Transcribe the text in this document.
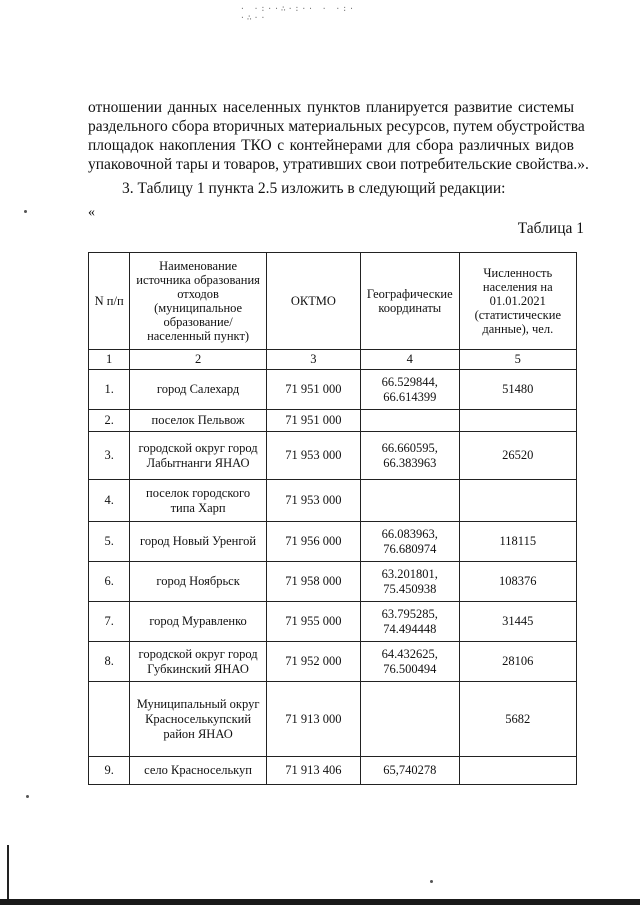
· ·:··∴·:·· · ·:· ·∴··
отношении данных населенных пунктов планируется развитие системы
раздельного сбора вторичных материальных ресурсов, путем обустройства
площадок накопления ТКО с контейнерами для сбора различных видов
упаковочной тары и товаров, утративших свои потребительские свойства.».
3. Таблицу 1 пункта 2.5 изложить в следующий редакции:
«
Таблица 1
N п/п	Наименование источника образования отходов (муниципальное образование/населенный пункт)	ОКТМО	Географические координаты	Численность населения на 01.01.2021 (статистические данные), чел.
1	2	3	4	5
1.	город Салехард	71 951 000	66.529844, 66.614399	51480
2.	поселок Пельвож	71 951 000		
3.	городской округ город Лабытнанги ЯНАО	71 953 000	66.660595, 66.383963	26520
4.	поселок городского типа Харп	71 953 000		
5.	город Новый Уренгой	71 956 000	66.083963, 76.680974	118115
6.	город Ноябрьск	71 958 000	63.201801, 75.450938	108376
7.	город Муравленко	71 955 000	63.795285, 74.494448	31445
8.	городской округ город Губкинский ЯНАО	71 952 000	64.432625, 76.500494	28106
	Муниципальный округ Красноселькупский район ЯНАО	71 913 000		5682
9.	село Красноселькуп	71 913 406	65,740278	
